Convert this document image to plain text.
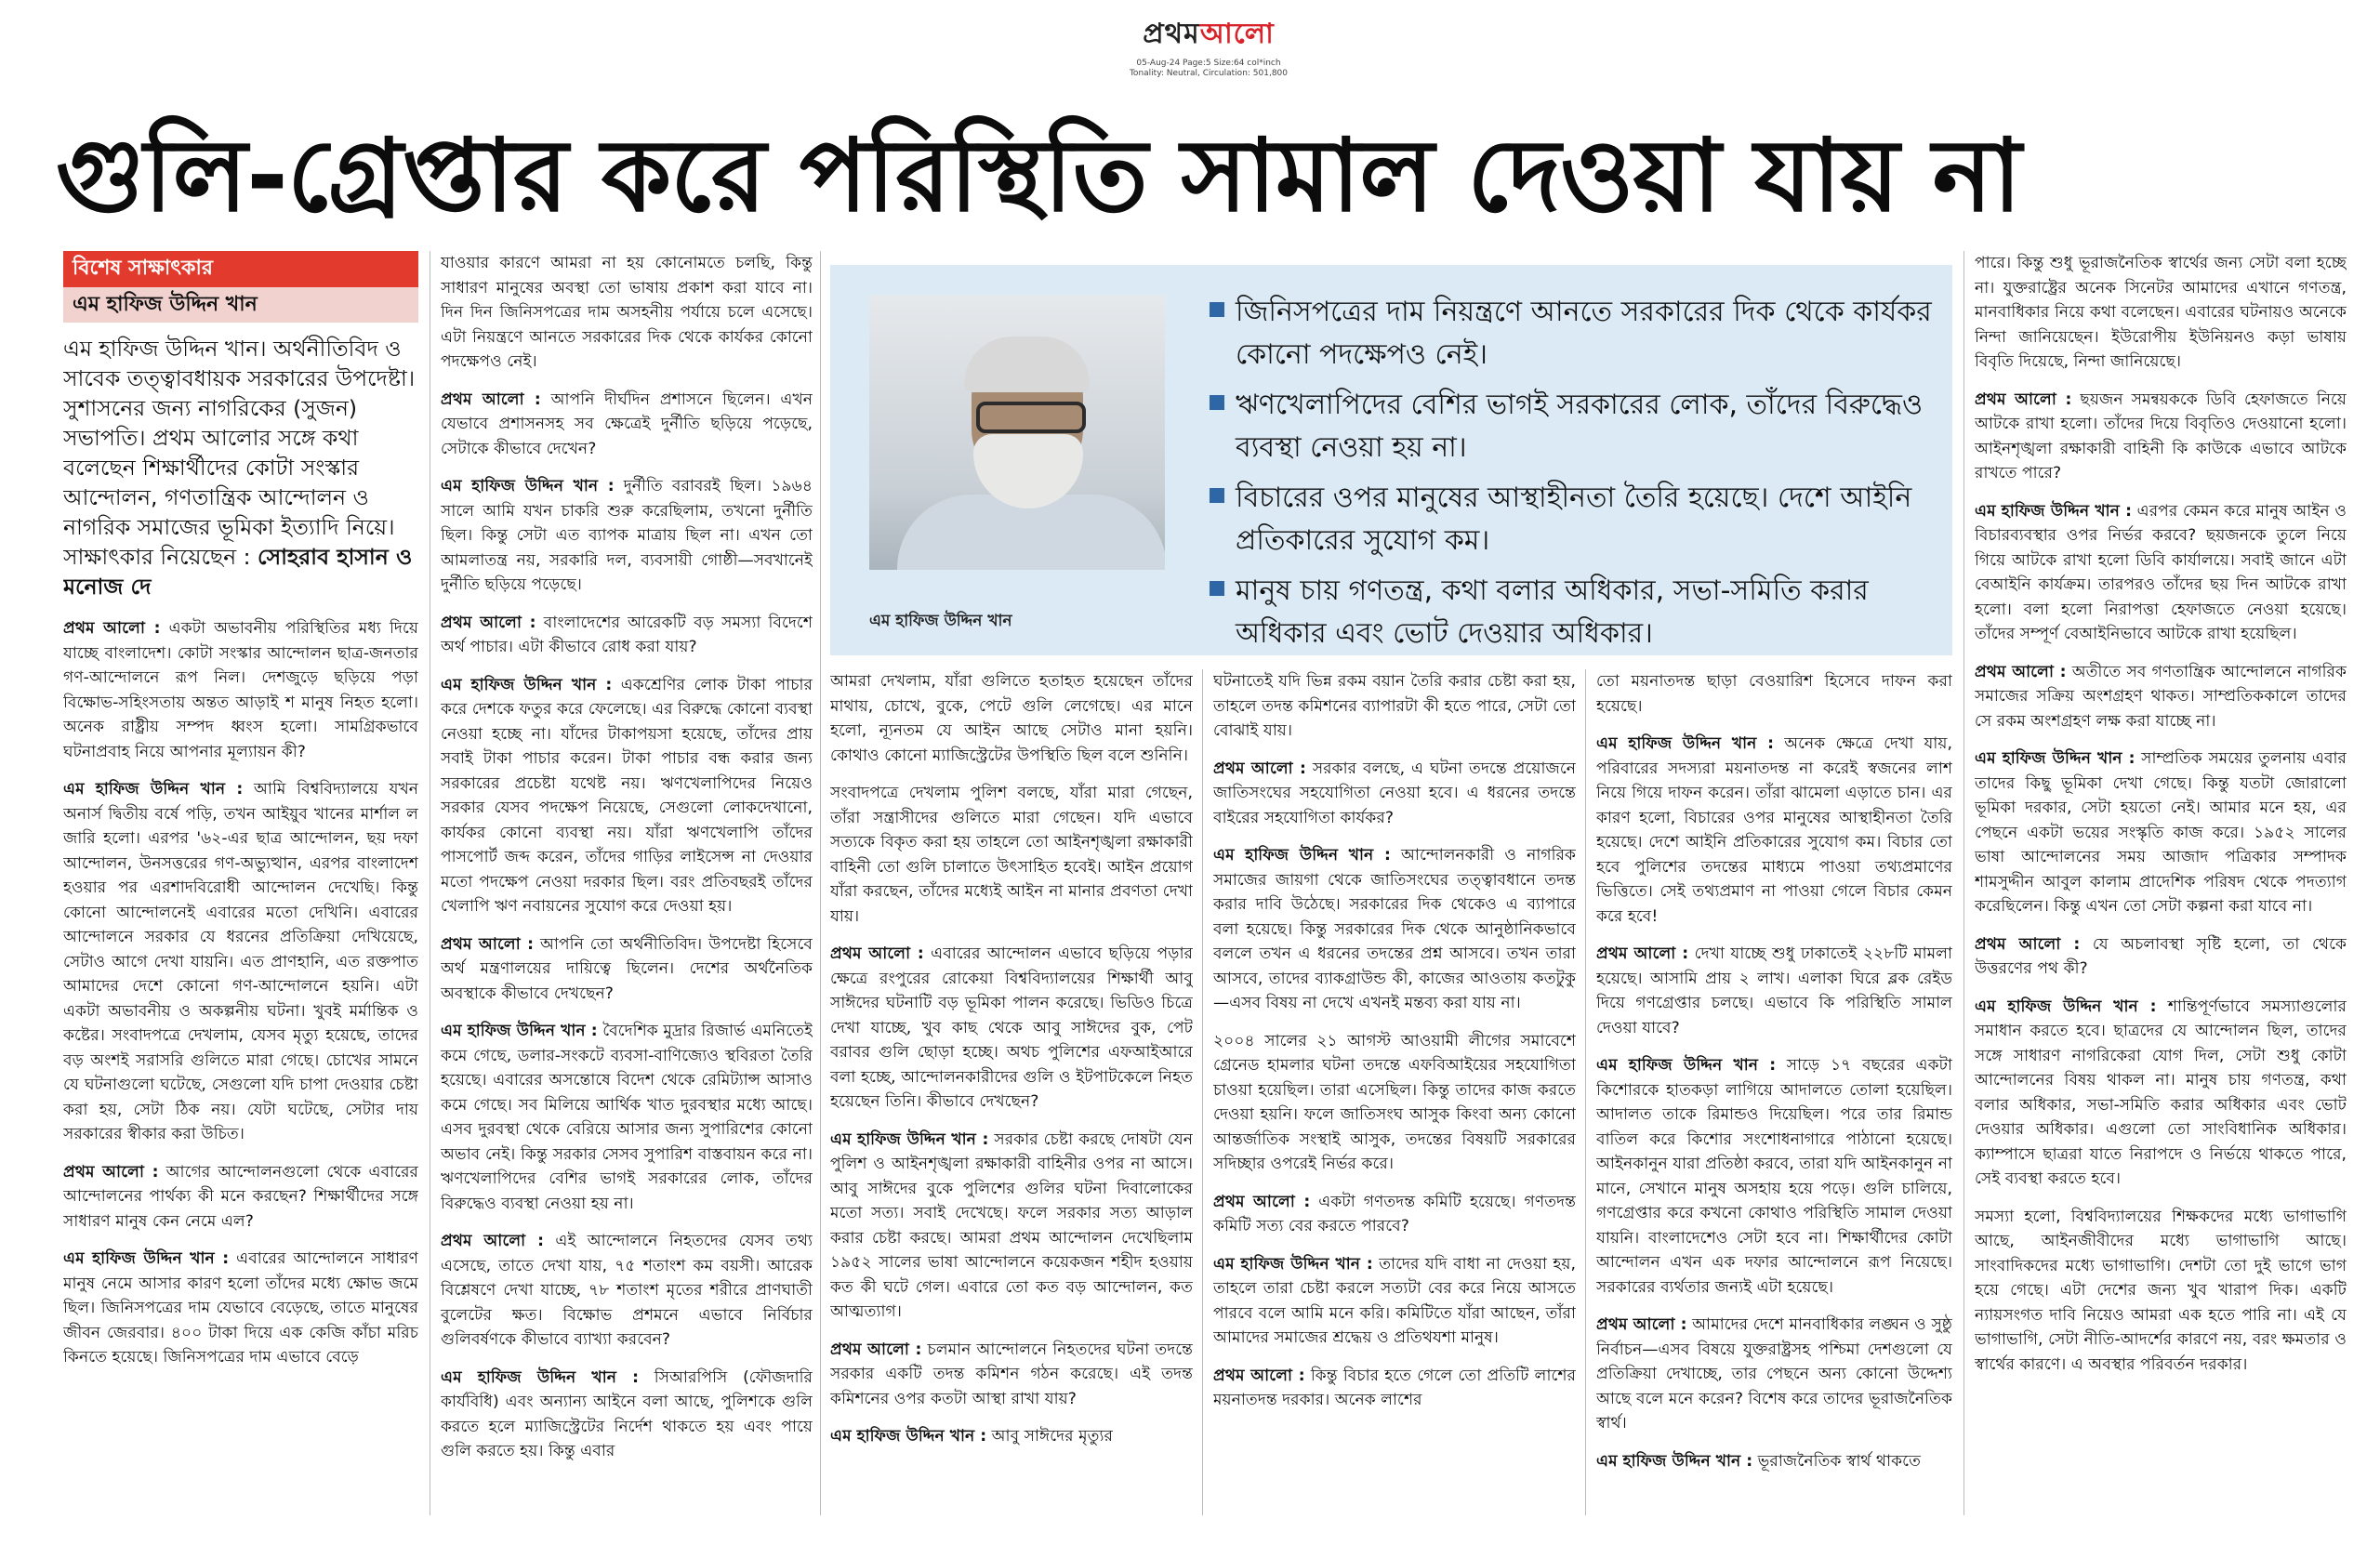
প্রথমআলো
05-Aug-24 Page:5 Size:64 col*inch
Tonality: Neutral, Circulation: 501,800
গুলি-গ্রেপ্তার করে পরিস্থিতি সামাল দেওয়া যায় না
বিশেষ সাক্ষাৎকার
এম হাফিজ উদ্দিন খান
এম হাফিজ উদ্দিন খান। অর্থনীতিবিদ ও সাবেক তত্ত্বাবধায়ক সরকারের উপদেষ্টা। সুশাসনের জন্য নাগরিকের (সুজন) সভাপতি। প্রথম আলোর সঙ্গে কথা বলেছেন শিক্ষার্থীদের কোটা সংস্কার আন্দোলন, গণতান্ত্রিক আন্দোলন ও নাগরিক সমাজের ভূমিকা ইত্যাদি নিয়ে। সাক্ষাৎকার নিয়েছেন : সোহরাব হাসান ও মনোজ দে

প্রথম আলো : একটা অভাবনীয় পরিস্থিতির মধ্য দিয়ে যাচ্ছে বাংলাদেশ। কোটা সংস্কার আন্দোলন ছাত্র-জনতার গণ-আন্দোলনে রূপ নিল। দেশজুড়ে ছড়িয়ে পড়া বিক্ষোভ-সহিংসতায় অন্তত আড়াই শ মানুষ নিহত হলো। অনেক রাষ্ট্রীয় সম্পদ ধ্বংস হলো। সামগ্রিকভাবে ঘটনাপ্রবাহ নিয়ে আপনার মূল্যায়ন কী?

এম হাফিজ উদ্দিন খান : আমি বিশ্ববিদ্যালয়ে যখন অনার্স দ্বিতীয় বর্ষে পড়ি, তখন আইয়ুব খানের মার্শাল ল জারি হলো। এরপর '৬২-এর ছাত্র আন্দোলন, ছয় দফা আন্দোলন, উনসত্তরের গণ-অভ্যুত্থান, এরপর বাংলাদেশ হওয়ার পর এরশাদবিরোধী আন্দোলন দেখেছি। কিন্তু কোনো আন্দোলনেই এবারের মতো দেখিনি। এবারের আন্দোলনে সরকার যে ধরনের প্রতিক্রিয়া দেখিয়েছে, সেটাও আগে দেখা যায়নি। এত প্রাণহানি, এত রক্তপাত আমাদের দেশে কোনো গণ-আন্দোলনে হয়নি। এটা একটা অভাবনীয় ও অকল্পনীয় ঘটনা। খুবই মর্মান্তিক ও কষ্টের। সংবাদপত্রে দেখলাম, যেসব মৃত্যু হয়েছে, তাদের বড় অংশই সরাসরি গুলিতে মারা গেছে। চোখের সামনে যে ঘটনাগুলো ঘটেছে, সেগুলো যদি চাপা দেওয়ার চেষ্টা করা হয়, সেটা ঠিক নয়। যেটা ঘটেছে, সেটার দায় সরকারের স্বীকার করা উচিত।

প্রথম আলো : আগের আন্দোলনগুলো থেকে এবারের আন্দোলনের পার্থক্য কী মনে করছেন? শিক্ষার্থীদের সঙ্গে সাধারণ মানুষ কেন নেমে এল?

এম হাফিজ উদ্দিন খান : এবারের আন্দোলনে সাধারণ মানুষ নেমে আসার কারণ হলো তাঁদের মধ্যে ক্ষোভ জমে ছিল। জিনিসপত্রের দাম যেভাবে বেড়েছে, তাতে মানুষের জীবন জেরবার। ৪০০ টাকা দিয়ে এক কেজি কাঁচা মরিচ কিনতে হয়েছে। জিনিসপত্রের দাম এভাবে বেড়ে

যাওয়ার কারণে আমরা না হয় কোনোমতে চলছি, কিন্তু সাধারণ মানুষের অবস্থা তো ভাষায় প্রকাশ করা যাবে না। দিন দিন জিনিসপত্রের দাম অসহনীয় পর্যায়ে চলে এসেছে। এটা নিয়ন্ত্রণে আনতে সরকারের দিক থেকে কার্যকর কোনো পদক্ষেপও নেই।

প্রথম আলো : আপনি দীর্ঘদিন প্রশাসনে ছিলেন। এখন যেভাবে প্রশাসনসহ সব ক্ষেত্রেই দুর্নীতি ছড়িয়ে পড়েছে, সেটাকে কীভাবে দেখেন?

এম হাফিজ উদ্দিন খান : দুর্নীতি বরাবরই ছিল। ১৯৬৪ সালে আমি যখন চাকরি শুরু করেছিলাম, তখনো দুর্নীতি ছিল। কিন্তু সেটা এত ব্যাপক মাত্রায় ছিল না। এখন তো আমলাতন্ত্র নয়, সরকারি দল, ব্যবসায়ী গোষ্ঠী—সবখানেই দুর্নীতি ছড়িয়ে পড়েছে।

প্রথম আলো : বাংলাদেশের আরেকটি বড় সমস্যা বিদেশে অর্থ পাচার। এটা কীভাবে রোধ করা যায়?

এম হাফিজ উদ্দিন খান : একশ্রেণির লোক টাকা পাচার করে দেশকে ফতুর করে ফেলেছে। এর বিরুদ্ধে কোনো ব্যবস্থা নেওয়া হচ্ছে না। যাঁদের টাকাপয়সা হয়েছে, তাঁদের প্রায় সবাই টাকা পাচার করেন। টাকা পাচার বন্ধ করার জন্য সরকারের প্রচেষ্টা যথেষ্ট নয়। ঋণখেলাপিদের নিয়েও সরকার যেসব পদক্ষেপ নিয়েছে, সেগুলো লোকদেখানো, কার্যকর কোনো ব্যবস্থা নয়। যাঁরা ঋণখেলাপি তাঁদের পাসপোর্ট জব্দ করেন, তাঁদের গাড়ির লাইসেন্স না দেওয়ার মতো পদক্ষেপ নেওয়া দরকার ছিল। বরং প্রতিবছরই তাঁদের খেলাপি ঋণ নবায়নের সুযোগ করে দেওয়া হয়।

প্রথম আলো : আপনি তো অর্থনীতিবিদ। উপদেষ্টা হিসেবে অর্থ মন্ত্রণালয়ের দায়িত্বে ছিলেন। দেশের অর্থনৈতিক অবস্থাকে কীভাবে দেখছেন?

এম হাফিজ উদ্দিন খান : বৈদেশিক মুদ্রার রিজার্ভ এমনিতেই কমে গেছে, ডলার-সংকটে ব্যবসা-বাণিজ্যেও স্থবিরতা তৈরি হয়েছে। এবারের অসন্তোষে বিদেশ থেকে রেমিট্যান্স আসাও কমে গেছে। সব মিলিয়ে আর্থিক খাত দুরবস্থার মধ্যে আছে। এসব দুরবস্থা থেকে বেরিয়ে আসার জন্য সুপারিশের কোনো অভাব নেই। কিন্তু সরকার সেসব সুপারিশ বাস্তবায়ন করে না। ঋণখেলাপিদের বেশির ভাগই সরকারের লোক, তাঁদের বিরুদ্ধেও ব্যবস্থা নেওয়া হয় না।

প্রথম আলো : এই আন্দোলনে নিহতদের যেসব তথ্য এসেছে, তাতে দেখা যায়, ৭৫ শতাংশ কম বয়সী। আরেক বিশ্লেষণে দেখা যাচ্ছে, ৭৮ শতাংশ মৃতের শরীরে প্রাণঘাতী বুলেটের ক্ষত। বিক্ষোভ প্রশমনে এভাবে নির্বিচার গুলিবর্ষণকে কীভাবে ব্যাখ্যা করবেন?

এম হাফিজ উদ্দিন খান : সিআরপিসি (ফৌজদারি কার্যবিধি) এবং অন্যান্য আইনে বলা আছে, পুলিশকে গুলি করতে হলে ম্যাজিস্ট্রেটের নির্দেশ থাকতে হয় এবং পায়ে গুলি করতে হয়। কিন্তু এবার

এম হাফিজ উদ্দিন খান
জিনিসপত্রের দাম নিয়ন্ত্রণে আনতে সরকারের দিক থেকে কার্যকর কোনো পদক্ষেপও নেই।
ঋণখেলাপিদের বেশির ভাগই সরকারের লোক, তাঁদের বিরুদ্ধেও ব্যবস্থা নেওয়া হয় না।
বিচারের ওপর মানুষের আস্থাহীনতা তৈরি হয়েছে। দেশে আইনি প্রতিকারের সুযোগ কম।
মানুষ চায় গণতন্ত্র, কথা বলার অধিকার, সভা-সমিতি করার অধিকার এবং ভোট দেওয়ার অধিকার।

আমরা দেখলাম, যাঁরা গুলিতে হতাহত হয়েছেন তাঁদের মাথায়, চোখে, বুকে, পেটে গুলি লেগেছে। এর মানে হলো, ন্যূনতম যে আইন আছে সেটাও মানা হয়নি। কোথাও কোনো ম্যাজিস্ট্রেটের উপস্থিতি ছিল বলে শুনিনি।

সংবাদপত্রে দেখলাম পুলিশ বলছে, যাঁরা মারা গেছেন, তাঁরা সন্ত্রাসীদের গুলিতে মারা গেছেন। যদি এভাবে সত্যকে বিকৃত করা হয় তাহলে তো আইনশৃঙ্খলা রক্ষাকারী বাহিনী তো গুলি চালাতে উৎসাহিত হবেই। আইন প্রয়োগ যাঁরা করছেন, তাঁদের মধ্যেই আইন না মানার প্রবণতা দেখা যায়।

প্রথম আলো : এবারের আন্দোলন এভাবে ছড়িয়ে পড়ার ক্ষেত্রে রংপুরের রোকেয়া বিশ্ববিদ্যালয়ের শিক্ষার্থী আবু সাঈদের ঘটনাটি বড় ভূমিকা পালন করেছে। ভিডিও চিত্রে দেখা যাচ্ছে, খুব কাছ থেকে আবু সাঈদের বুক, পেট বরাবর গুলি ছোড়া হচ্ছে। অথচ পুলিশের এফআইআরে বলা হচ্ছে, আন্দোলনকারীদের গুলি ও ইটপাটকেলে নিহত হয়েছেন তিনি। কীভাবে দেখছেন?

এম হাফিজ উদ্দিন খান : সরকার চেষ্টা করছে দোষটা যেন পুলিশ ও আইনশৃঙ্খলা রক্ষাকারী বাহিনীর ওপর না আসে। আবু সাঈদের বুকে পুলিশের গুলির ঘটনা দিবালোকের মতো সত্য। সবাই দেখেছে। ফলে সরকার সত্য আড়াল করার চেষ্টা করছে। আমরা প্রথম আন্দোলন দেখেছিলাম ১৯৫২ সালের ভাষা আন্দোলনে কয়েকজন শহীদ হওয়ায় কত কী ঘটে গেল। এবারে তো কত বড় আন্দোলন, কত আত্মত্যাগ।

প্রথম আলো : চলমান আন্দোলনে নিহতদের ঘটনা তদন্তে সরকার একটি তদন্ত কমিশন গঠন করেছে। এই তদন্ত কমিশনের ওপর কতটা আস্থা রাখা যায়?

এম হাফিজ উদ্দিন খান : আবু সাঈদের মৃত্যুর

ঘটনাতেই যদি ভিন্ন রকম বয়ান তৈরি করার চেষ্টা করা হয়, তাহলে তদন্ত কমিশনের ব্যাপারটা কী হতে পারে, সেটা তো বোঝাই যায়।

প্রথম আলো : সরকার বলছে, এ ঘটনা তদন্তে প্রয়োজনে জাতিসংঘের সহযোগিতা নেওয়া হবে। এ ধরনের তদন্তে বাইরের সহযোগিতা কার্যকর?

এম হাফিজ উদ্দিন খান : আন্দোলনকারী ও নাগরিক সমাজের জায়গা থেকে জাতিসংঘের তত্ত্বাবধানে তদন্ত করার দাবি উঠেছে। সরকারের দিক থেকেও এ ব্যাপারে বলা হয়েছে। কিন্তু সরকারের দিক থেকে আনুষ্ঠানিকভাবে বললে তখন এ ধরনের তদন্তের প্রশ্ন আসবে। তখন তারা আসবে, তাদের ব্যাকগ্রাউন্ড কী, কাজের আওতায় কতটুকু—এসব বিষয় না দেখে এখনই মন্তব্য করা যায় না।

২০০৪ সালের ২১ আগস্ট আওয়ামী লীগের সমাবেশে গ্রেনেড হামলার ঘটনা তদন্তে এফবিআইয়ের সহযোগিতা চাওয়া হয়েছিল। তারা এসেছিল। কিন্তু তাদের কাজ করতে দেওয়া হয়নি। ফলে জাতিসংঘ আসুক কিংবা অন্য কোনো আন্তর্জাতিক সংস্থাই আসুক, তদন্তের বিষয়টি সরকারের সদিচ্ছার ওপরেই নির্ভর করে।

প্রথম আলো : একটা গণতদন্ত কমিটি হয়েছে। গণতদন্ত কমিটি সত্য বের করতে পারবে?

এম হাফিজ উদ্দিন খান : তাদের যদি বাধা না দেওয়া হয়, তাহলে তারা চেষ্টা করলে সত্যটা বের করে নিয়ে আসতে পারবে বলে আমি মনে করি। কমিটিতে যাঁরা আছেন, তাঁরা আমাদের সমাজের শ্রদ্ধেয় ও প্রতিথযশা মানুষ।

প্রথম আলো : কিন্তু বিচার হতে গেলে তো প্রতিটি লাশের ময়নাতদন্ত দরকার। অনেক লাশের

তো ময়নাতদন্ত ছাড়া বেওয়ারিশ হিসেবে দাফন করা হয়েছে।

এম হাফিজ উদ্দিন খান : অনেক ক্ষেত্রে দেখা যায়, পরিবারের সদস্যরা ময়নাতদন্ত না করেই স্বজনের লাশ নিয়ে গিয়ে দাফন করেন। তাঁরা ঝামেলা এড়াতে চান। এর কারণ হলো, বিচারের ওপর মানুষের আস্থাহীনতা তৈরি হয়েছে। দেশে আইনি প্রতিকারের সুযোগ কম। বিচার তো হবে পুলিশের তদন্তের মাধ্যমে পাওয়া তথ্যপ্রমাণের ভিত্তিতে। সেই তথ্যপ্রমাণ না পাওয়া গেলে বিচার কেমন করে হবে!

প্রথম আলো : দেখা যাচ্ছে শুধু ঢাকাতেই ২২৮টি মামলা হয়েছে। আসামি প্রায় ২ লাখ। এলাকা ঘিরে ব্লক রেইড দিয়ে গণগ্রেপ্তার চলছে। এভাবে কি পরিস্থিতি সামাল দেওয়া যাবে?

এম হাফিজ উদ্দিন খান : সাড়ে ১৭ বছরের একটা কিশোরকে হাতকড়া লাগিয়ে আদালতে তোলা হয়েছিল। আদালত তাকে রিমান্ডও দিয়েছিল। পরে তার রিমান্ড বাতিল করে কিশোর সংশোধনাগারে পাঠানো হয়েছে। আইনকানুন যারা প্রতিষ্ঠা করবে, তারা যদি আইনকানুন না মানে, সেখানে মানুষ অসহায় হয়ে পড়ে। গুলি চালিয়ে, গণগ্রেপ্তার করে কখনো কোথাও পরিস্থিতি সামাল দেওয়া যায়নি। বাংলাদেশেও সেটা হবে না। শিক্ষার্থীদের কোটা আন্দোলন এখন এক দফার আন্দোলনে রূপ নিয়েছে। সরকারের ব্যর্থতার জন্যই এটা হয়েছে।

প্রথম আলো : আমাদের দেশে মানবাধিকার লঙ্ঘন ও সুষ্ঠু নির্বাচন—এসব বিষয়ে যুক্তরাষ্ট্রসহ পশ্চিমা দেশগুলো যে প্রতিক্রিয়া দেখাচ্ছে, তার পেছনে অন্য কোনো উদ্দেশ্য আছে বলে মনে করেন? বিশেষ করে তাদের ভূরাজনৈতিক স্বার্থ।

এম হাফিজ উদ্দিন খান : ভূরাজনৈতিক স্বার্থ থাকতে

পারে। কিন্তু শুধু ভূরাজনৈতিক স্বার্থের জন্য সেটা বলা হচ্ছে না। যুক্তরাষ্ট্রের অনেক সিনেটর আমাদের এখানে গণতন্ত্র, মানবাধিকার নিয়ে কথা বলেছেন। এবারের ঘটনায়ও অনেকে নিন্দা জানিয়েছেন। ইউরোপীয় ইউনিয়নও কড়া ভাষায় বিবৃতি দিয়েছে, নিন্দা জানিয়েছে।

প্রথম আলো : ছয়জন সমন্বয়ককে ডিবি হেফাজতে নিয়ে আটকে রাখা হলো। তাঁদের দিয়ে বিবৃতিও দেওয়ানো হলো। আইনশৃঙ্খলা রক্ষাকারী বাহিনী কি কাউকে এভাবে আটকে রাখতে পারে?

এম হাফিজ উদ্দিন খান : এরপর কেমন করে মানুষ আইন ও বিচারব্যবস্থার ওপর নির্ভর করবে? ছয়জনকে তুলে নিয়ে গিয়ে আটকে রাখা হলো ডিবি কার্যালয়ে। সবাই জানে এটা বেআইনি কার্যক্রম। তারপরও তাঁদের ছয় দিন আটকে রাখা হলো। বলা হলো নিরাপত্তা হেফাজতে নেওয়া হয়েছে। তাঁদের সম্পূর্ণ বেআইনিভাবে আটকে রাখা হয়েছিল।

প্রথম আলো : অতীতে সব গণতান্ত্রিক আন্দোলনে নাগরিক সমাজের সক্রিয় অংশগ্রহণ থাকত। সাম্প্রতিককালে তাদের সে রকম অংশগ্রহণ লক্ষ করা যাচ্ছে না।

এম হাফিজ উদ্দিন খান : সাম্প্রতিক সময়ের তুলনায় এবার তাদের কিছু ভূমিকা দেখা গেছে। কিন্তু যতটা জোরালো ভূমিকা দরকার, সেটা হয়তো নেই। আমার মনে হয়, এর পেছনে একটা ভয়ের সংস্কৃতি কাজ করে। ১৯৫২ সালের ভাষা আন্দোলনের সময় আজাদ পত্রিকার সম্পাদক শামসুদ্দীন আবুল কালাম প্রাদেশিক পরিষদ থেকে পদত্যাগ করেছিলেন। কিন্তু এখন তো সেটা কল্পনা করা যাবে না।

প্রথম আলো : যে অচলাবস্থা সৃষ্টি হলো, তা থেকে উত্তরণের পথ কী?

এম হাফিজ উদ্দিন খান : শান্তিপূর্ণভাবে সমস্যাগুলোর সমাধান করতে হবে। ছাত্রদের যে আন্দোলন ছিল, তাদের সঙ্গে সাধারণ নাগরিকেরা যোগ দিল, সেটা শুধু কোটা আন্দোলনের বিষয় থাকল না। মানুষ চায় গণতন্ত্র, কথা বলার অধিকার, সভা-সমিতি করার অধিকার এবং ভোট দেওয়ার অধিকার। এগুলো তো সাংবিধানিক অধিকার। ক্যাম্পাসে ছাত্ররা যাতে নিরাপদে ও নির্ভয়ে থাকতে পারে, সেই ব্যবস্থা করতে হবে।

সমস্যা হলো, বিশ্ববিদ্যালয়ের শিক্ষকদের মধ্যে ভাগাভাগি আছে, আইনজীবীদের মধ্যে ভাগাভাগি আছে। সাংবাদিকদের মধ্যে ভাগাভাগি। দেশটা তো দুই ভাগে ভাগ হয়ে গেছে। এটা দেশের জন্য খুব খারাপ দিক। একটি ন্যায়সংগত দাবি নিয়েও আমরা এক হতে পারি না। এই যে ভাগাভাগি, সেটা নীতি-আদর্শের কারণে নয়, বরং ক্ষমতার ও স্বার্থের কারণে। এ অবস্থার পরিবর্তন দরকার।
